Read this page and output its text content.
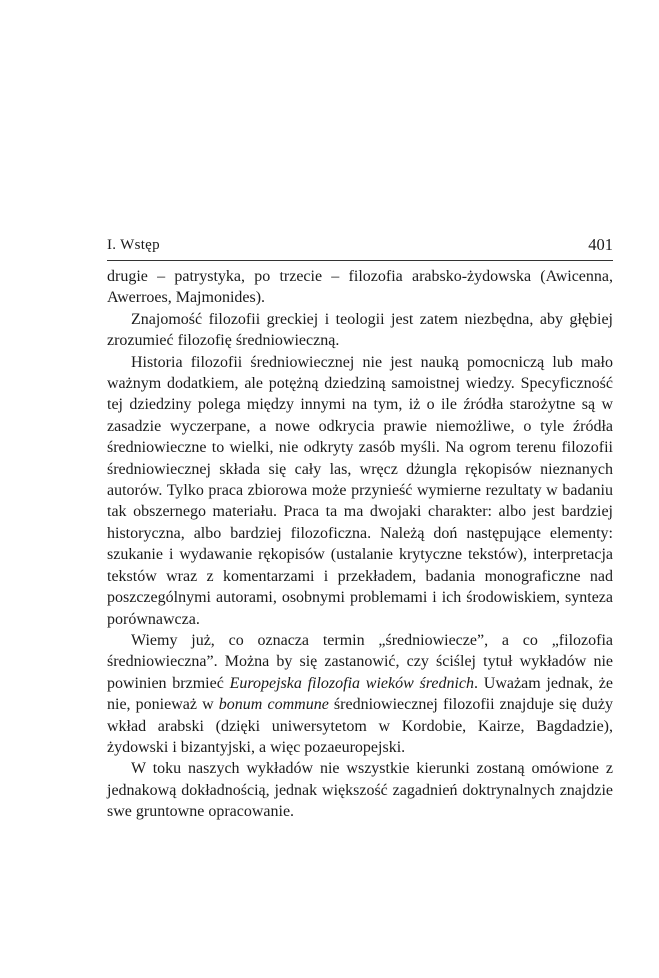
I. Wstęp	401

drugie – patrystyka, po trzecie – filozofia arabsko-żydowska (Awicenna, Awerroes, Majmonides).

Znajomość filozofii greckiej i teologii jest zatem niezbędna, aby głębiej zrozumieć filozofię średniowieczną.

Historia filozofii średniowiecznej nie jest nauką pomocniczą lub mało ważnym dodatkiem, ale potężną dziedziną samoistnej wiedzy. Specyficzność tej dziedziny polega między innymi na tym, iż o ile źródła starożytne są w zasadzie wyczerpane, a nowe odkrycia prawie niemożliwe, o tyle źródła średniowieczne to wielki, nie odkryty zasób myśli. Na ogrom terenu filozofii średniowiecznej składa się cały las, wręcz dżungla rękopisów nieznanych autorów. Tylko praca zbiorowa może przynieść wymierne rezultaty w badaniu tak obszernego materiału. Praca ta ma dwojaki charakter: albo jest bardziej historyczna, albo bardziej filozoficzna. Należą doń następujące elementy: szukanie i wydawanie rękopisów (ustalanie krytyczne tekstów), interpretacja tekstów wraz z komentarzami i przekładem, badania monograficzne nad poszczególnymi autorami, osobnymi problemami i ich środowiskiem, synteza porównawcza.

Wiemy już, co oznacza termin „średniowiecze”, a co „filozofia średniowieczna”. Można by się zastanowić, czy ściślej tytuł wykładów nie powinien brzmieć Europejska filozofia wieków średnich. Uważam jednak, że nie, ponieważ w bonum commune średniowiecznej filozofii znajduje się duży wkład arabski (dzięki uniwersytetom w Kordobie, Kairze, Bagdadzie), żydowski i bizantyjski, a więc pozaeuropejski.

W toku naszych wykładów nie wszystkie kierunki zostaną omówione z jednakową dokładnością, jednak większość zagadnień doktrynalnych znajdzie swe gruntowne opracowanie.
